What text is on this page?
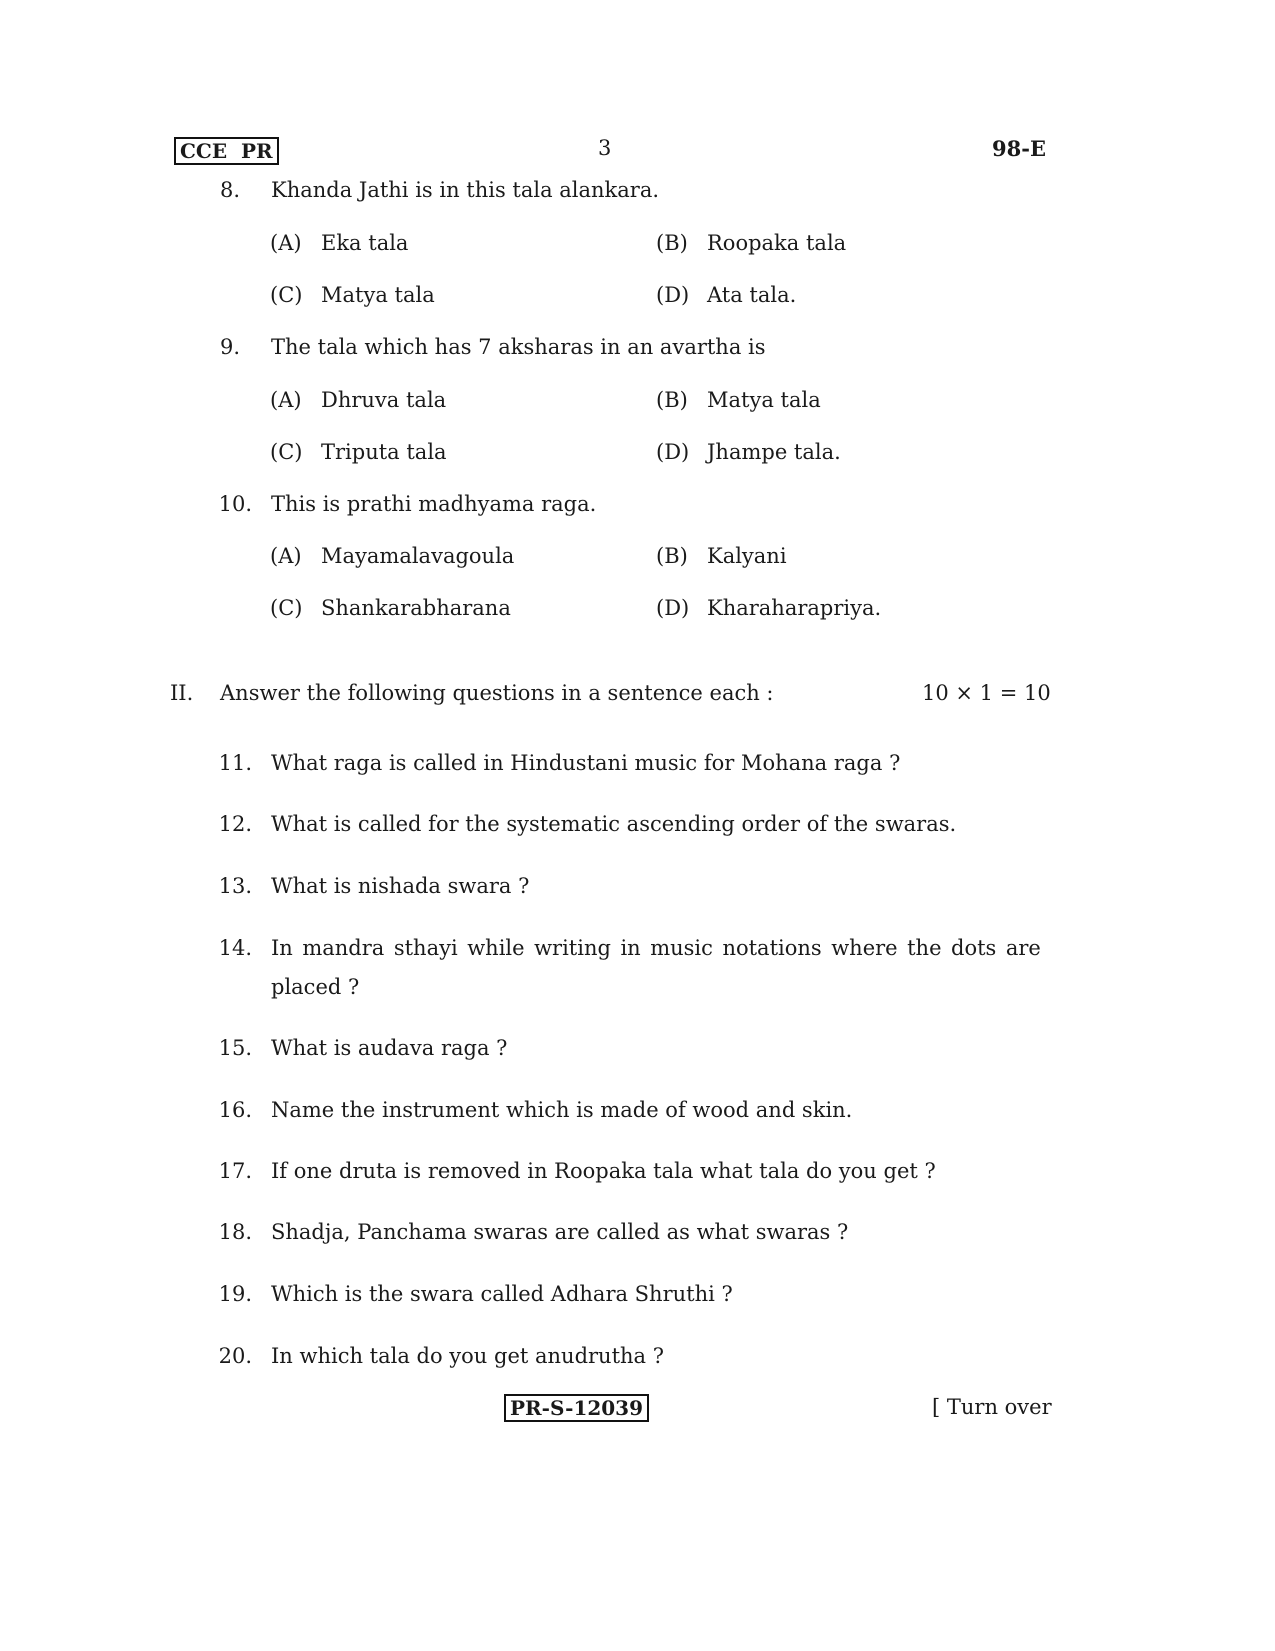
CCE  PR	3	98-E
8. Khanda Jathi is in this tala alankara.
(A) Eka tala	(B) Roopaka tala
(C) Matya tala	(D) Ata tala.
9. The tala which has 7 aksharas in an avartha is
(A) Dhruva tala	(B) Matya tala
(C) Triputa tala	(D) Jhampe tala.
10. This is prathi madhyama raga.
(A) Mayamalavagoula	(B) Kalyani
(C) Shankarabharana	(D) Kharaharapriya.
II. Answer the following questions in a sentence each :	10 × 1 = 10
11. What raga is called in Hindustani music for Mohana raga ?
12. What is called for the systematic ascending order of the swaras.
13. What is nishada swara ?
14. In mandra sthayi while writing in music notations where the dots are
placed ?
15. What is audava raga ?
16. Name the instrument which is made of wood and skin.
17. If one druta is removed in Roopaka tala what tala do you get ?
18. Shadja, Panchama swaras are called as what swaras ?
19. Which is the swara called Adhara Shruthi ?
20. In which tala do you get anudrutha ?
PR-S-12039	[ Turn over
